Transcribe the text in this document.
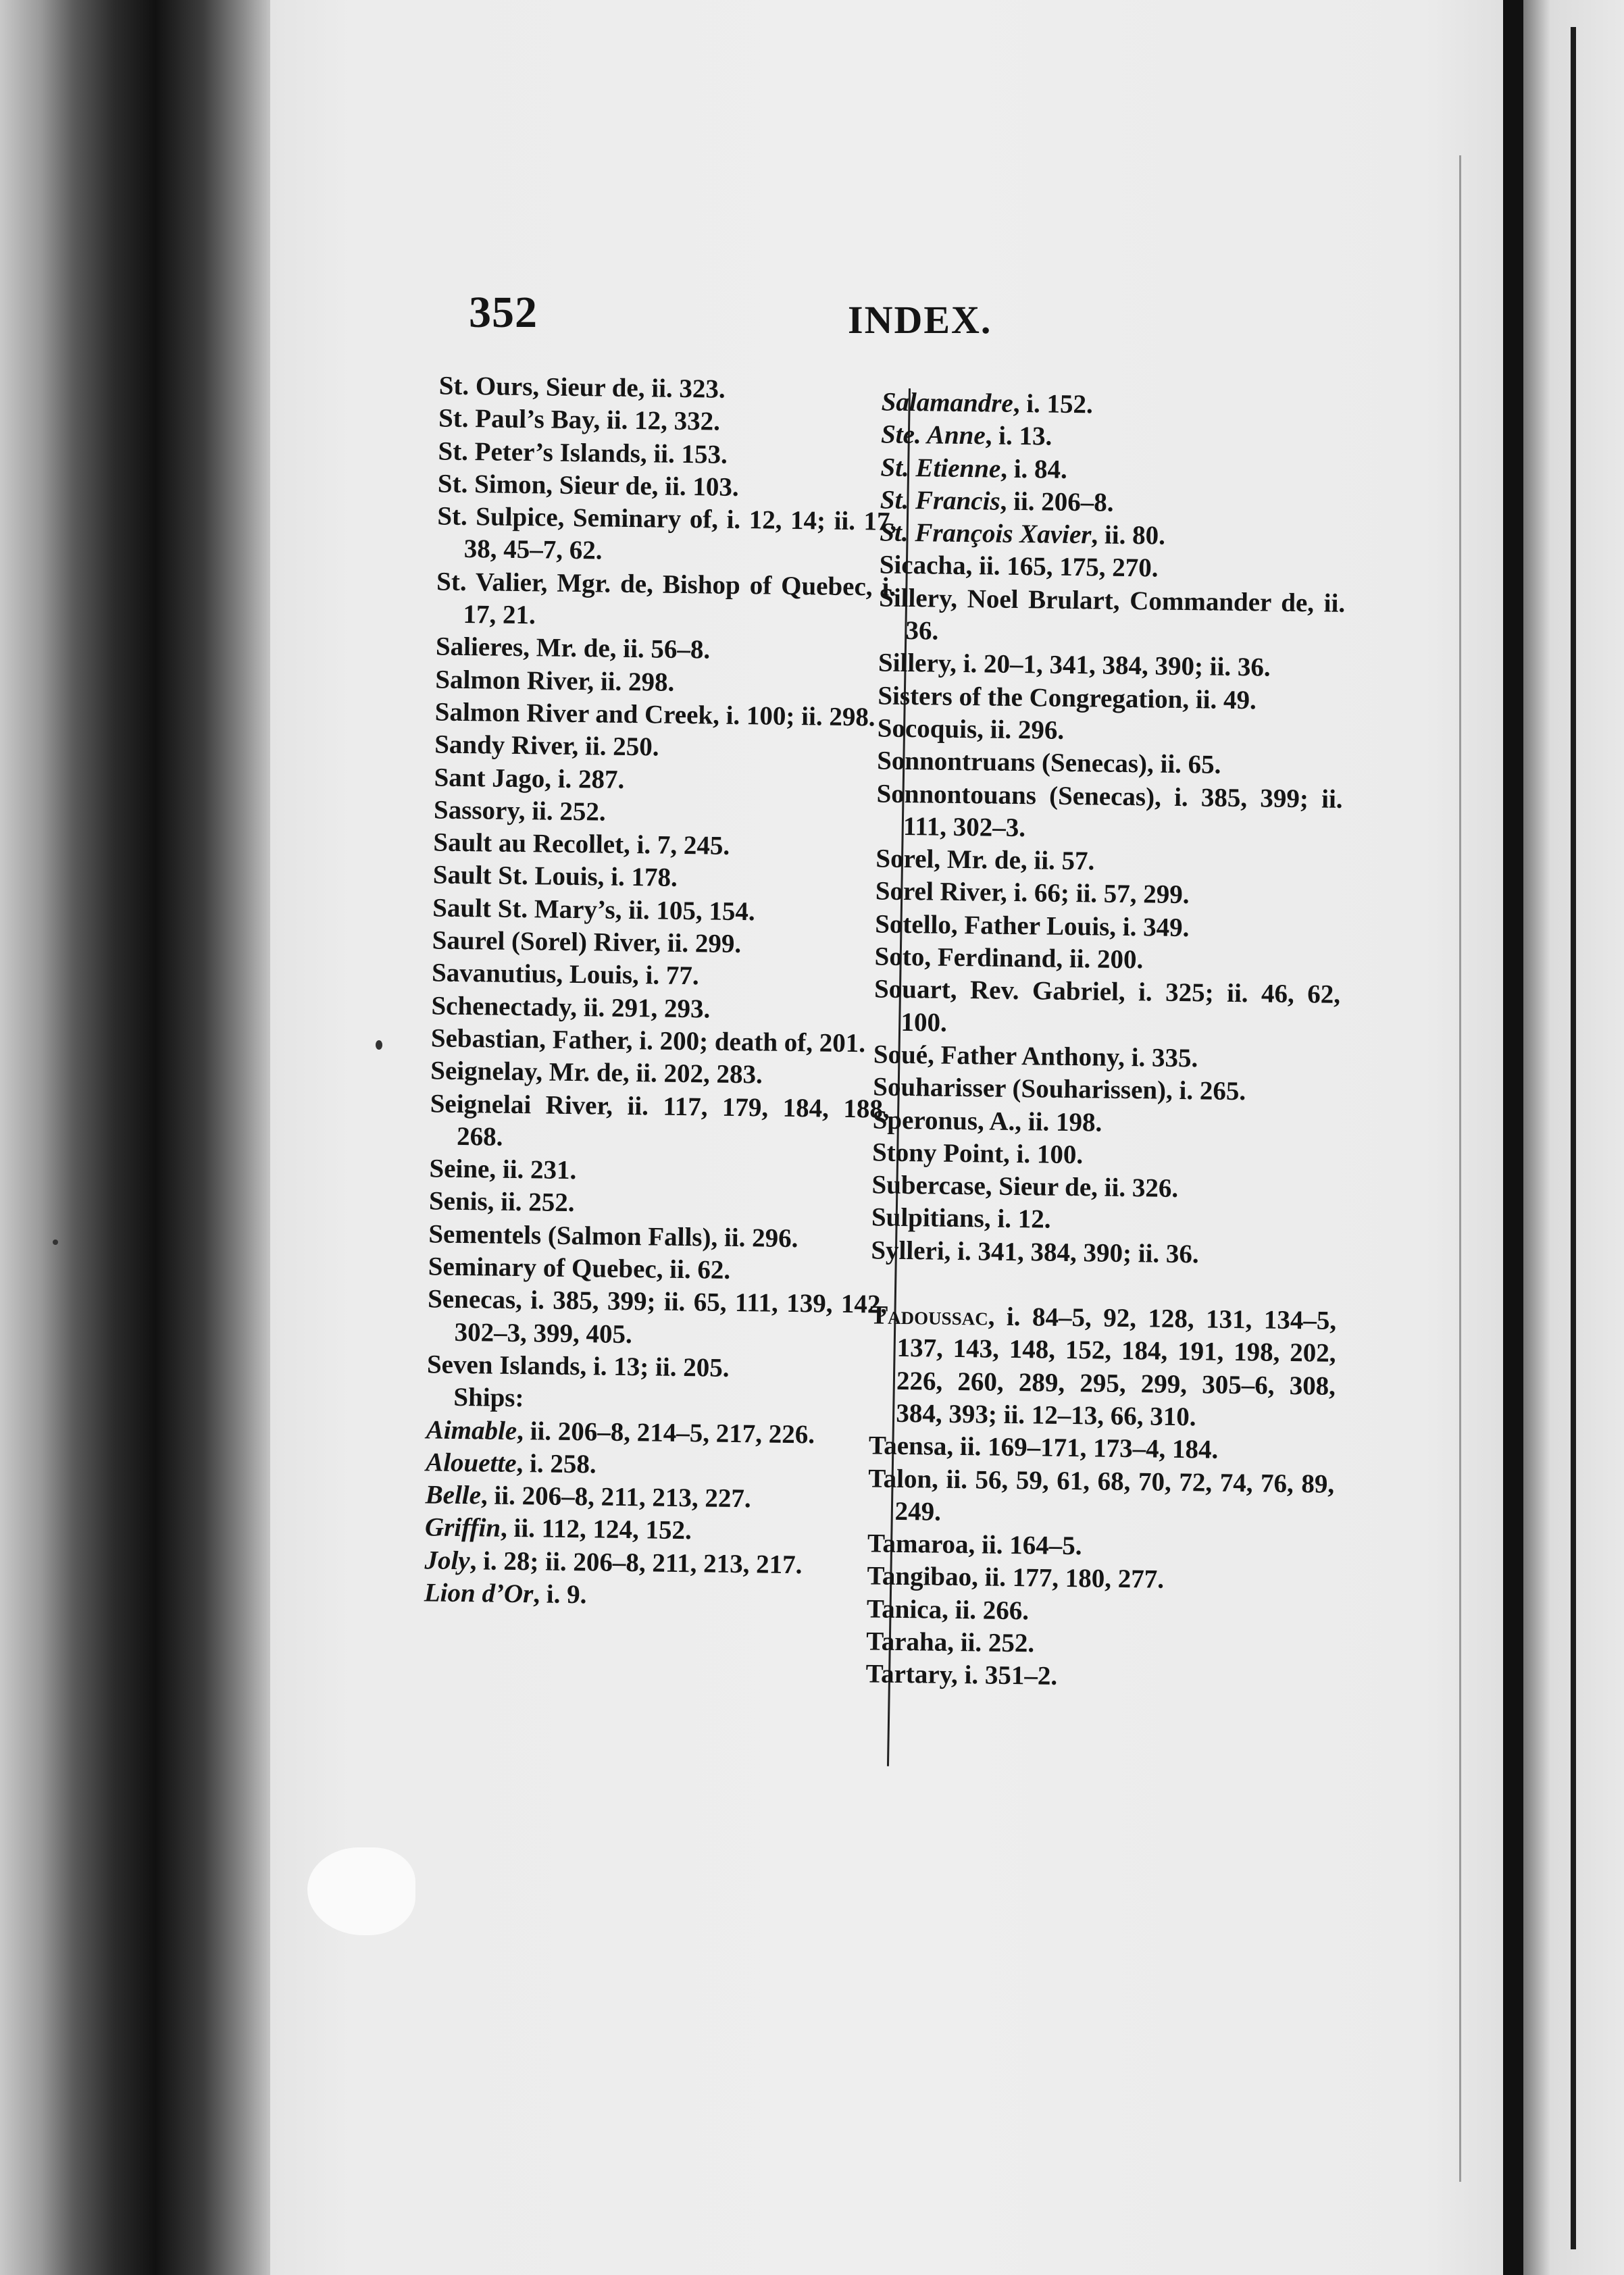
352	INDEX.
St. Ours, Sieur de, ii. 323.
St. Paul’s Bay, ii. 12, 332.
St. Peter’s Islands, ii. 153.
St. Simon, Sieur de, ii. 103.
St. Sulpice, Seminary of, i. 12, 14; ii. 17, 38, 45–7, 62.
St. Valier, Mgr. de, Bishop of Quebec, i. 17, 21.
Salieres, Mr. de, ii. 56–8.
Salmon River, ii. 298.
Salmon River and Creek, i. 100; ii. 298.
Sandy River, ii. 250.
Sant Jago, i. 287.
Sassory, ii. 252.
Sault au Recollet, i. 7, 245.
Sault St. Louis, i. 178.
Sault St. Mary’s, ii. 105, 154.
Saurel (Sorel) River, ii. 299.
Savanutius, Louis, i. 77.
Schenectady, ii. 291, 293.
Sebastian, Father, i. 200; death of, 201.
Seignelay, Mr. de, ii. 202, 283.
Seignelai River, ii. 117, 179, 184, 188, 268.
Seine, ii. 231.
Senis, ii. 252.
Sementels (Salmon Falls), ii. 296.
Seminary of Quebec, ii. 62.
Senecas, i. 385, 399; ii. 65, 111, 139, 142, 302–3, 399, 405.
Seven Islands, i. 13; ii. 205.
Ships:
Aimable, ii. 206–8, 214–5, 217, 226.
Alouette, i. 258.
Belle, ii. 206–8, 211, 213, 227.
Griffin, ii. 112, 124, 152.
Joly, i. 28; ii. 206–8, 211, 213, 217.
Lion d’Or, i. 9.
Salamandre, i. 152.
Ste. Anne, i. 13.
St. Etienne, i. 84.
St. Francis, ii. 206–8.
St. François Xavier, ii. 80.
Sicacha, ii. 165, 175, 270.
Sillery, Noel Brulart, Commander de, ii. 36.
Sillery, i. 20–1, 341, 384, 390; ii. 36.
Sisters of the Congregation, ii. 49.
Socoquis, ii. 296.
Sonnontruans (Senecas), ii. 65.
Sonnontouans (Senecas), i. 385, 399; ii. 111, 302–3.
Sorel, Mr. de, ii. 57.
Sorel River, i. 66; ii. 57, 299.
Sotello, Father Louis, i. 349.
Soto, Ferdinand, ii. 200.
Souart, Rev. Gabriel, i. 325; ii. 46, 62, 100.
Soué, Father Anthony, i. 335.
Souharisser (Souharissen), i. 265.
Speronus, A., ii. 198.
Stony Point, i. 100.
Subercase, Sieur de, ii. 326.
Sulpitians, i. 12.
Sylleri, i. 341, 384, 390; ii. 36.
Tadoussac, i. 84–5, 92, 128, 131, 134–5, 137, 143, 148, 152, 184, 191, 198, 202, 226, 260, 289, 295, 299, 305–6, 308, 384, 393; ii. 12–13, 66, 310.
Taensa, ii. 169–171, 173–4, 184.
Talon, ii. 56, 59, 61, 68, 70, 72, 74, 76, 89, 249.
Tamaroa, ii. 164–5.
Tangibao, ii. 177, 180, 277.
Tanica, ii. 266.
Taraha, ii. 252.
Tartary, i. 351–2.
